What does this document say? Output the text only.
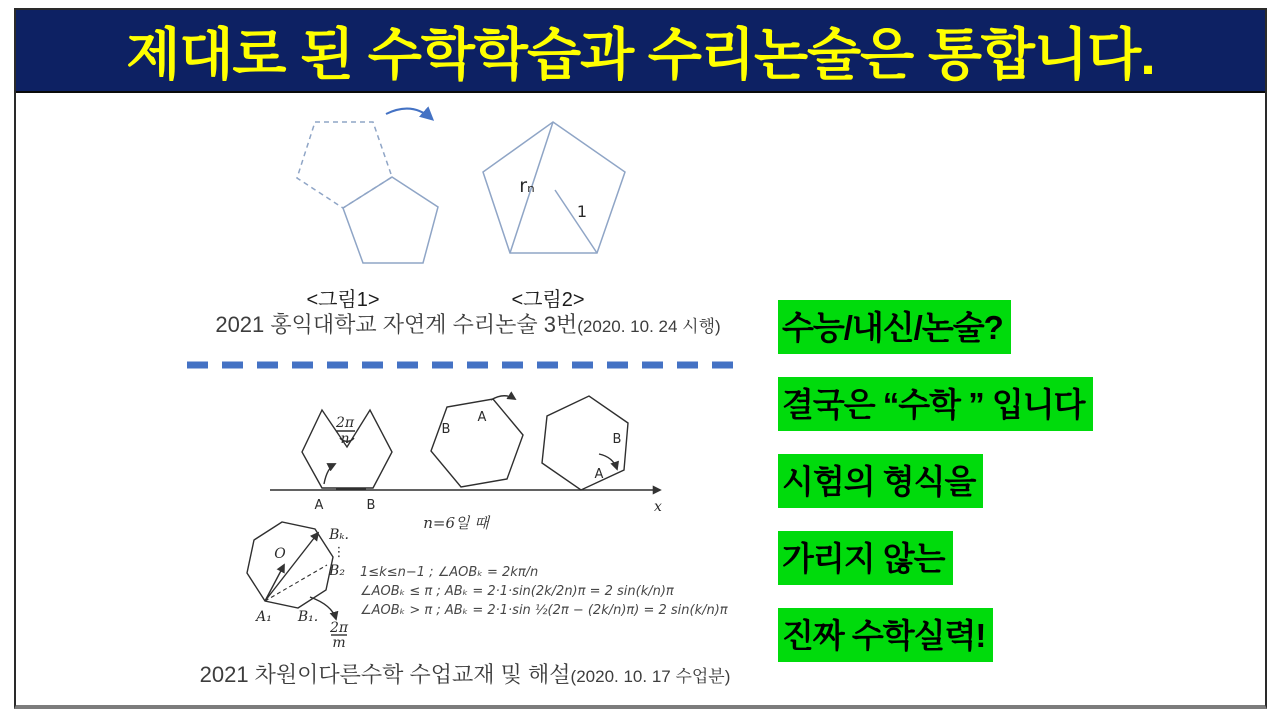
제대로 된 수학학습과 수리논술은 통합니다.
rₙ
1
<그림1>	<그림2>
2021 홍익대학교 자연계 수리논술 3번(2020. 10. 24 시행)
x
2π
n
A	B
B
A
B
A
n=6일 때
O
Bₖ.
⋮
B₂
B₁.
A₁
2π
m
1≤k≤n−1 ; ∠AOBₖ = 2kπ/n
∠AOBₖ ≤ π ; ABₖ = 2·1·sin(2k/2n)π = 2 sin(k/n)π
∠AOBₖ > π ; ABₖ = 2·1·sin ½(2π − (2k/n)π) = 2 sin(k/n)π
2021 차원이다른수학 수업교재 및 해설(2020. 10. 17 수업분)
수능/내신/논술?
결국은 “수학 ” 입니다
시험의 형식을
가리지 않는
진짜 수학실력!
